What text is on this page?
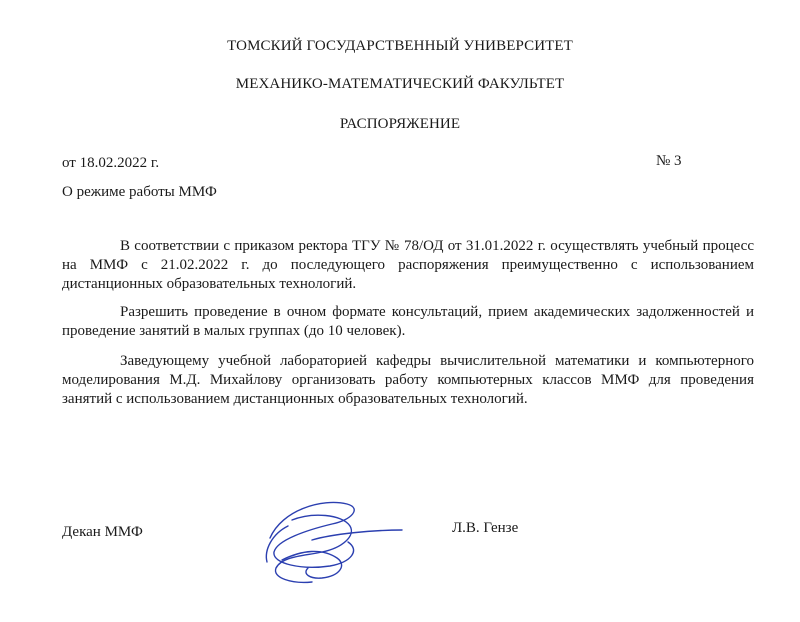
ТОМСКИЙ ГОСУДАРСТВЕННЫЙ УНИВЕРСИТЕТ
МЕХАНИКО-МАТЕМАТИЧЕСКИЙ ФАКУЛЬТЕТ
РАСПОРЯЖЕНИЕ
от 18.02.2022 г.	№ 3
О режиме работы ММФ

В соответствии с приказом ректора ТГУ № 78/ОД от 31.01.2022 г. осуществлять учебный процесс на ММФ с 21.02.2022 г. до последующего распоряжения преимущественно с использованием дистанционных образовательных технологий.

Разрешить проведение в очном формате консультаций, прием академических задолженностей и проведение занятий в малых группах (до 10 человек).

Заведующему учебной лабораторией кафедры вычислительной математики и компьютерного моделирования М.Д. Михайлову организовать работу компьютерных классов ММФ для проведения занятий с использованием дистанционных образовательных технологий.

Декан ММФ	Л.В. Гензе
